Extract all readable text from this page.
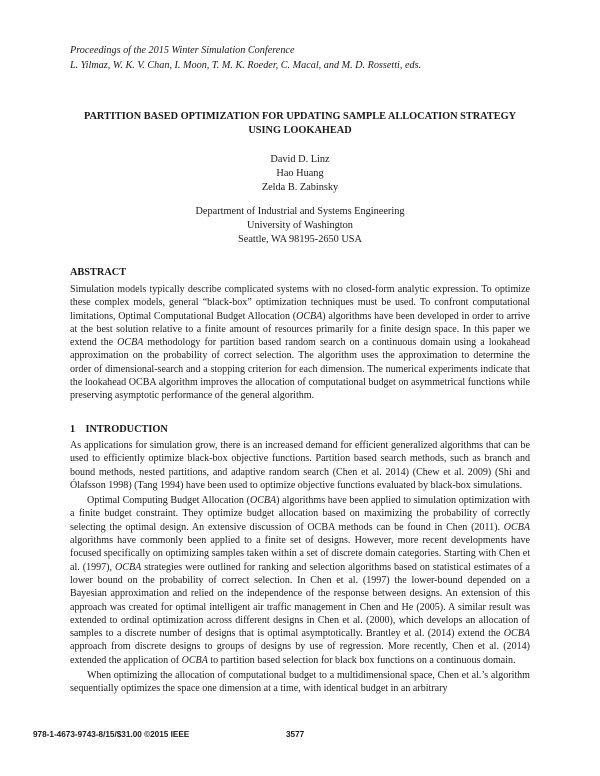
Proceedings of the 2015 Winter Simulation Conference
L. Yilmaz, W. K. V. Chan, I. Moon, T. M. K. Roeder, C. Macal, and M. D. Rossetti, eds.
PARTITION BASED OPTIMIZATION FOR UPDATING SAMPLE ALLOCATION STRATEGY
USING LOOKAHEAD
David D. Linz
Hao Huang
Zelda B. Zabinsky
Department of Industrial and Systems Engineering
University of Washington
Seattle, WA 98195-2650 USA
ABSTRACT

Simulation models typically describe complicated systems with no closed-form analytic expression. To optimize these complex models, general “black-box” optimization techniques must be used. To confront computational limitations, Optimal Computational Budget Allocation (OCBA) algorithms have been developed in order to arrive at the best solution relative to a finite amount of resources primarily for a finite design space. In this paper we extend the OCBA methodology for partition based random search on a continuous domain using a lookahead approximation on the probability of correct selection. The algorithm uses the approximation to determine the order of dimensional-search and a stopping criterion for each dimension. The numerical experiments indicate that the lookahead OCBA algorithm improves the allocation of computational budget on asymmetrical functions while preserving asymptotic performance of the general algorithm.

1    INTRODUCTION

As applications for simulation grow, there is an increased demand for efficient generalized algorithms that can be used to efficiently optimize black-box objective functions. Partition based search methods, such as branch and bound methods, nested partitions, and adaptive random search (Chen et al. 2014) (Chew et al. 2009) (Shi and Ólafsson 1998) (Tang 1994) have been used to optimize objective functions evaluated by black-box simulations.

Optimal Computing Budget Allocation (OCBA) algorithms have been applied to simulation optimization with a finite budget constraint. They optimize budget allocation based on maximizing the probability of correctly selecting the optimal design. An extensive discussion of OCBA methods can be found in Chen (2011). OCBA algorithms have commonly been applied to a finite set of designs. However, more recent developments have focused specifically on optimizing samples taken within a set of discrete domain categories. Starting with Chen et al. (1997), OCBA strategies were outlined for ranking and selection algorithms based on statistical estimates of a lower bound on the probability of correct selection. In Chen et al. (1997) the lower-bound depended on a Bayesian approximation and relied on the independence of the response between designs. An extension of this approach was created for optimal intelligent air traffic management in Chen and He (2005). A similar result was extended to ordinal optimization across different designs in Chen et al. (2000), which develops an allocation of samples to a discrete number of designs that is optimal asymptotically. Brantley et al. (2014) extend the OCBA approach from discrete designs to groups of designs by use of regression. More recently, Chen et al. (2014) extended the application of OCBA to partition based selection for black box functions on a continuous domain.

When optimizing the allocation of computational budget to a multidimensional space, Chen et al.’s algorithm sequentially optimizes the space one dimension at a time, with identical budget in an arbitrary

978-1-4673-9743-8/15/$31.00 ©2015 IEEE	3577
